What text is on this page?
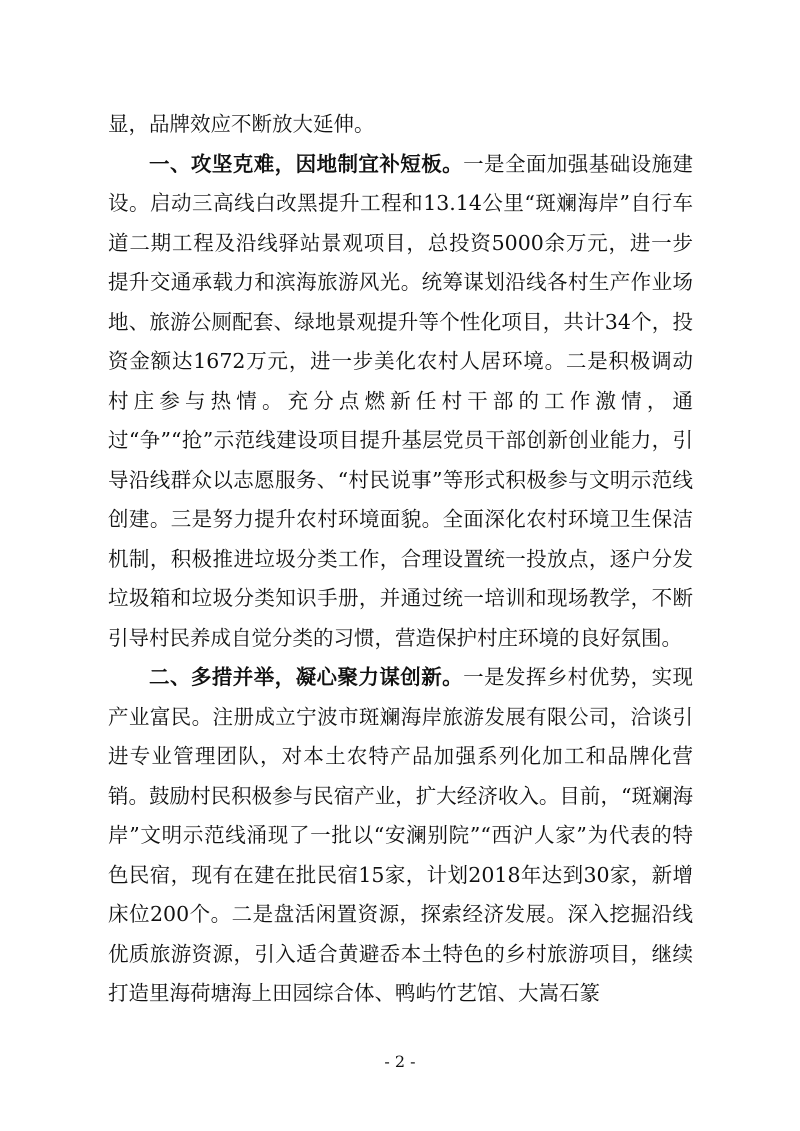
显，品牌效应不断放大延伸。

一、攻坚克难，因地制宜补短板。一是全面加强基础设施建设。启动三高线白改黑提升工程和13.14公里“斑斓海岸”自行车道二期工程及沿线驿站景观项目，总投资5000余万元，进一步提升交通承载力和滨海旅游风光。统筹谋划沿线各村生产作业场地、旅游公厕配套、绿地景观提升等个性化项目，共计34个，投资金额达1672万元，进一步美化农村人居环境。二是积极调动村庄参与热情。充分点燃新任村干部的工作激情，通过“争”“抢”示范线建设项目提升基层党员干部创新创业能力，引导沿线群众以志愿服务、“村民说事”等形式积极参与文明示范线创建。三是努力提升农村环境面貌。全面深化农村环境卫生保洁机制，积极推进垃圾分类工作，合理设置统一投放点，逐户分发垃圾箱和垃圾分类知识手册，并通过统一培训和现场教学，不断引导村民养成自觉分类的习惯，营造保护村庄环境的良好氛围。

二、多措并举，凝心聚力谋创新。一是发挥乡村优势，实现产业富民。注册成立宁波市斑斓海岸旅游发展有限公司，洽谈引进专业管理团队，对本土农特产品加强系列化加工和品牌化营销。鼓励村民积极参与民宿产业，扩大经济收入。目前，“斑斓海岸”文明示范线涌现了一批以“安澜别院”“西沪人家”为代表的特色民宿，现有在建在批民宿15家，计划2018年达到30家，新增床位200个。二是盘活闲置资源，探索经济发展。深入挖掘沿线优质旅游资源，引入适合黄避岙本土特色的乡村旅游项目，继续打造里海荷塘海上田园综合体、鸭屿竹艺馆、大嵩石篆

- 2 -
